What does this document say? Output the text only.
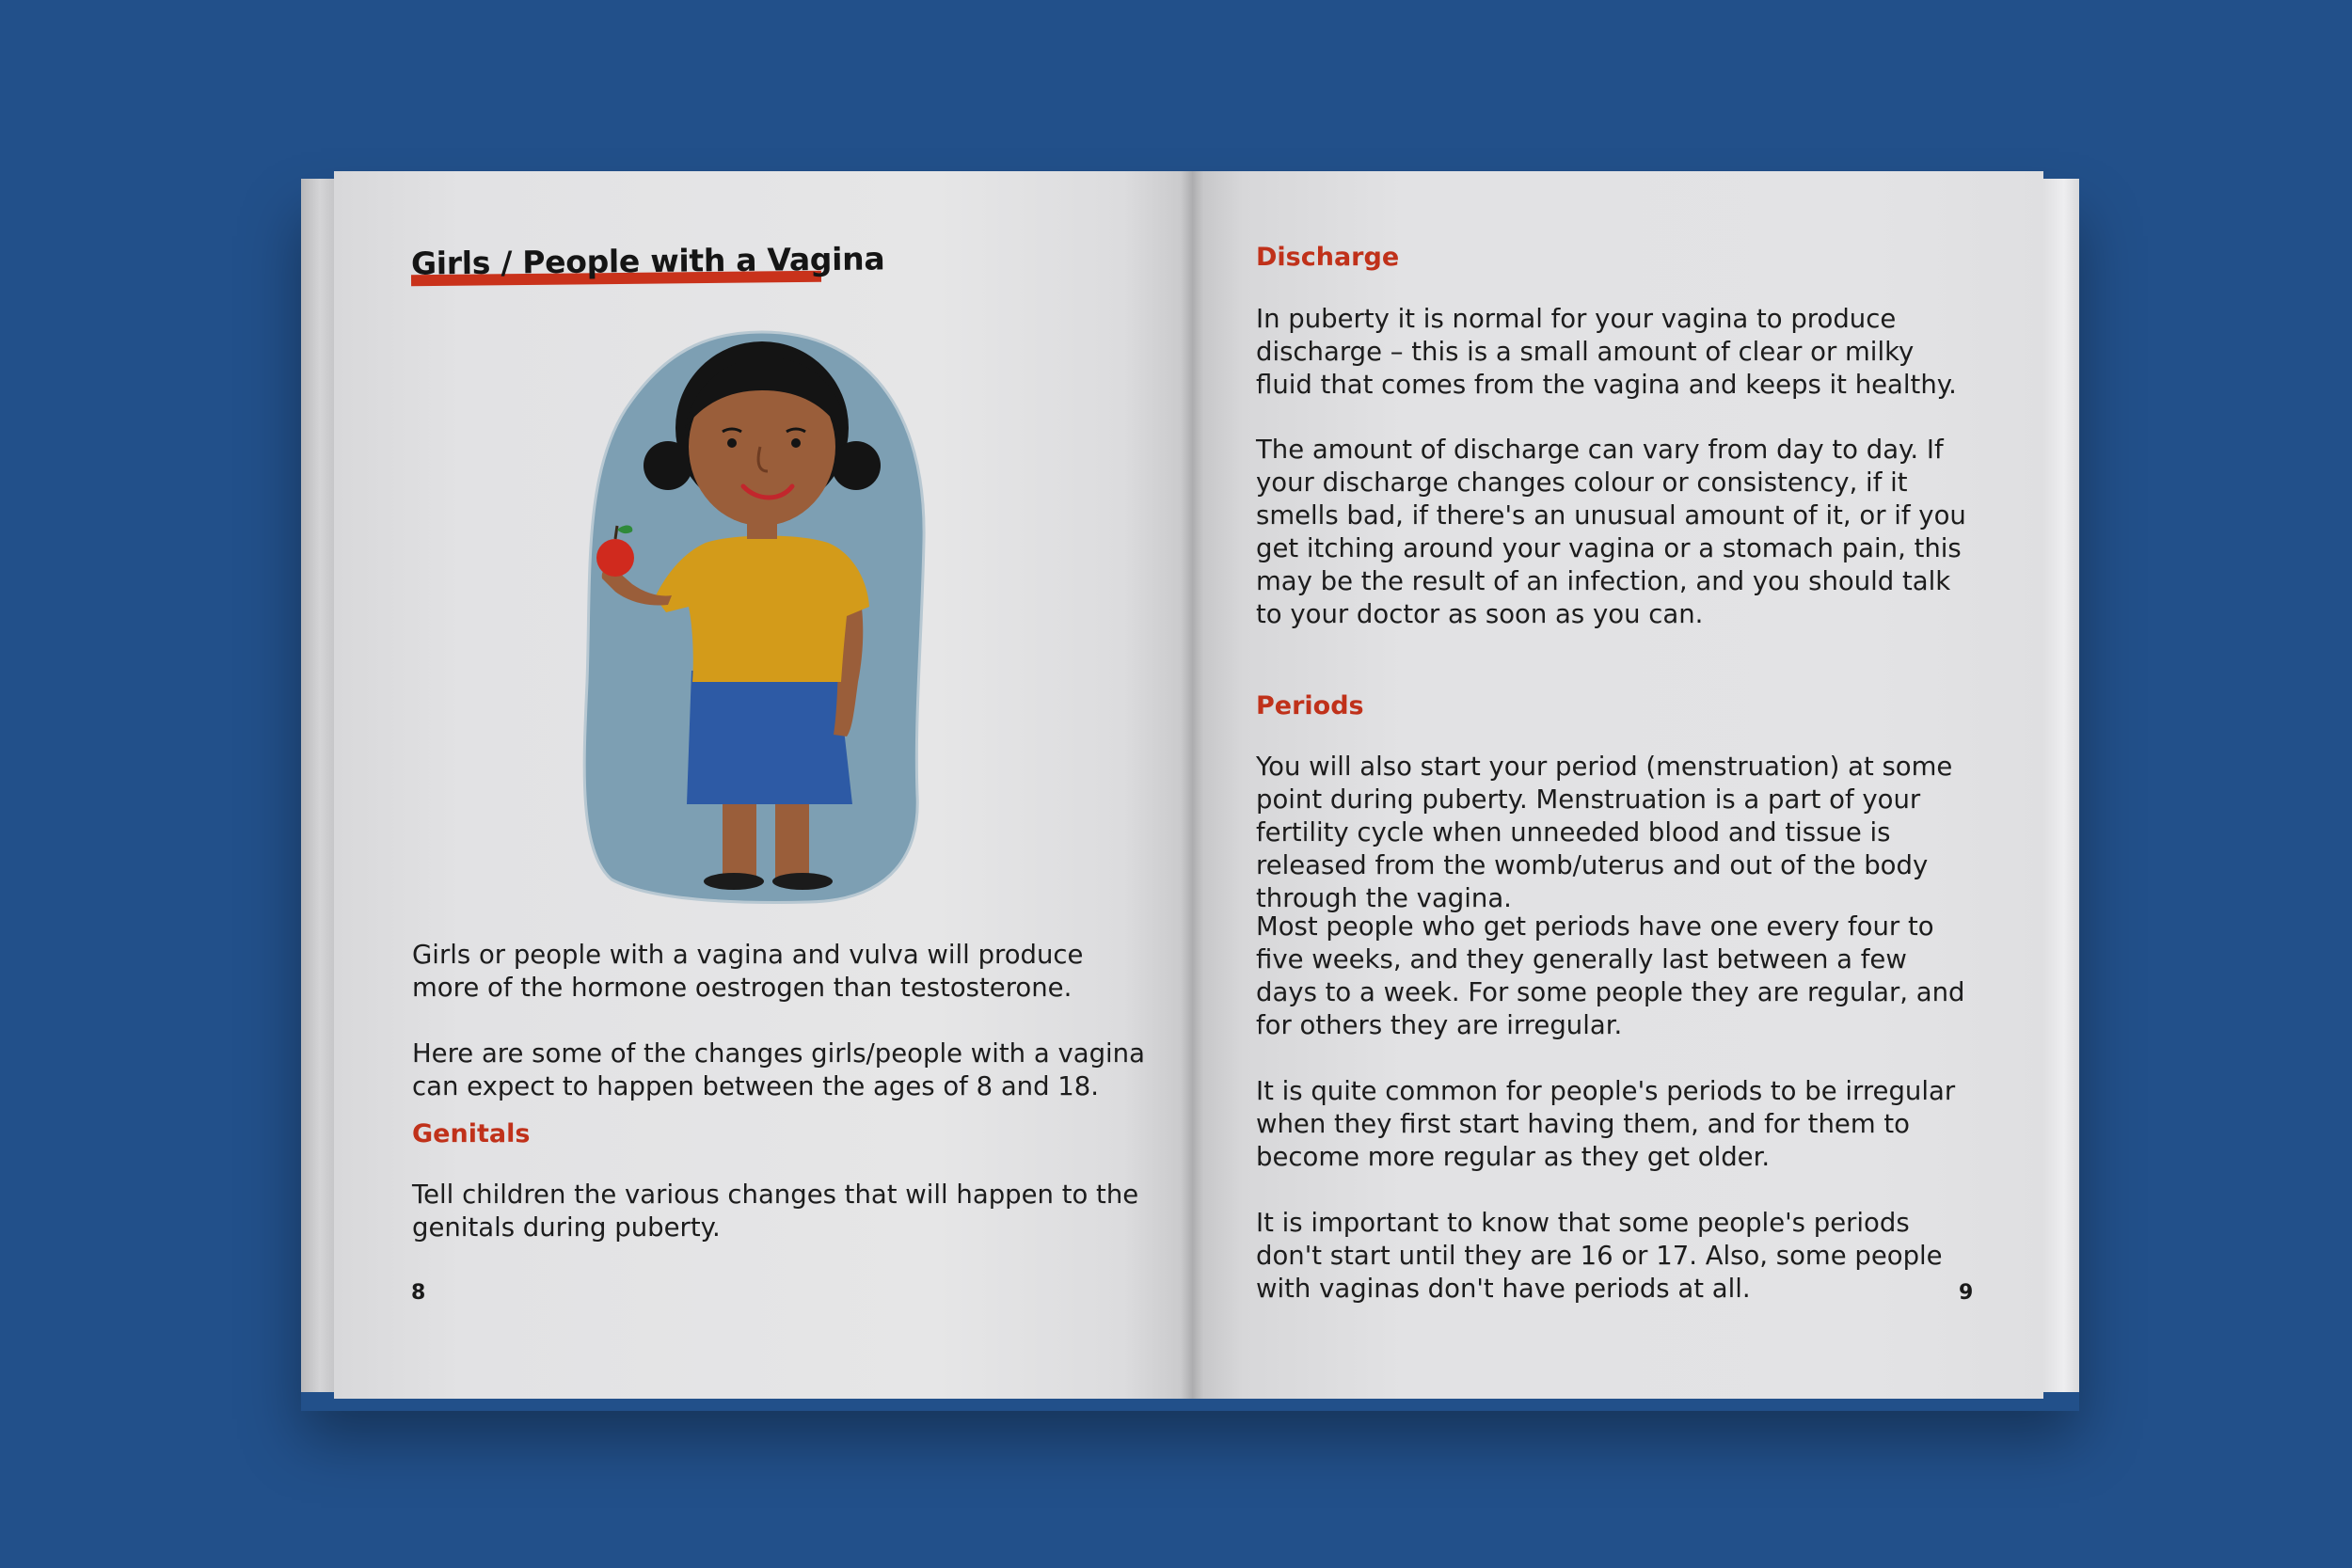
Girls / People with a Vagina

Girls or people with a vagina and vulva will produce more of the hormone oestrogen than testosterone.

Here are some of the changes girls/people with a vagina can expect to happen between the ages of 8 and 18.

Genitals

Tell children the various changes that will happen to the genitals during puberty.

8
Discharge

In puberty it is normal for your vagina to produce discharge – this is a small amount of clear or milky fluid that comes from the vagina and keeps it healthy.

The amount of discharge can vary from day to day. If your discharge changes colour or consistency, if it smells bad, if there's an unusual amount of it, or if you get itching around your vagina or a stomach pain, this may be the result of an infection, and you should talk to your doctor as soon as you can.

Periods

You will also start your period (menstruation) at some point during puberty. Menstruation is a part of your fertility cycle when unneeded blood and tissue is released from the womb/uterus and out of the body through the vagina.

Most people who get periods have one every four to five weeks, and they generally last between a few days to a week. For some people they are regular, and for others they are irregular.

It is quite common for people's periods to be irregular when they first start having them, and for them to become more regular as they get older.

It is important to know that some people's periods don't start until they are 16 or 17. Also, some people with vaginas don't have periods at all.	9
